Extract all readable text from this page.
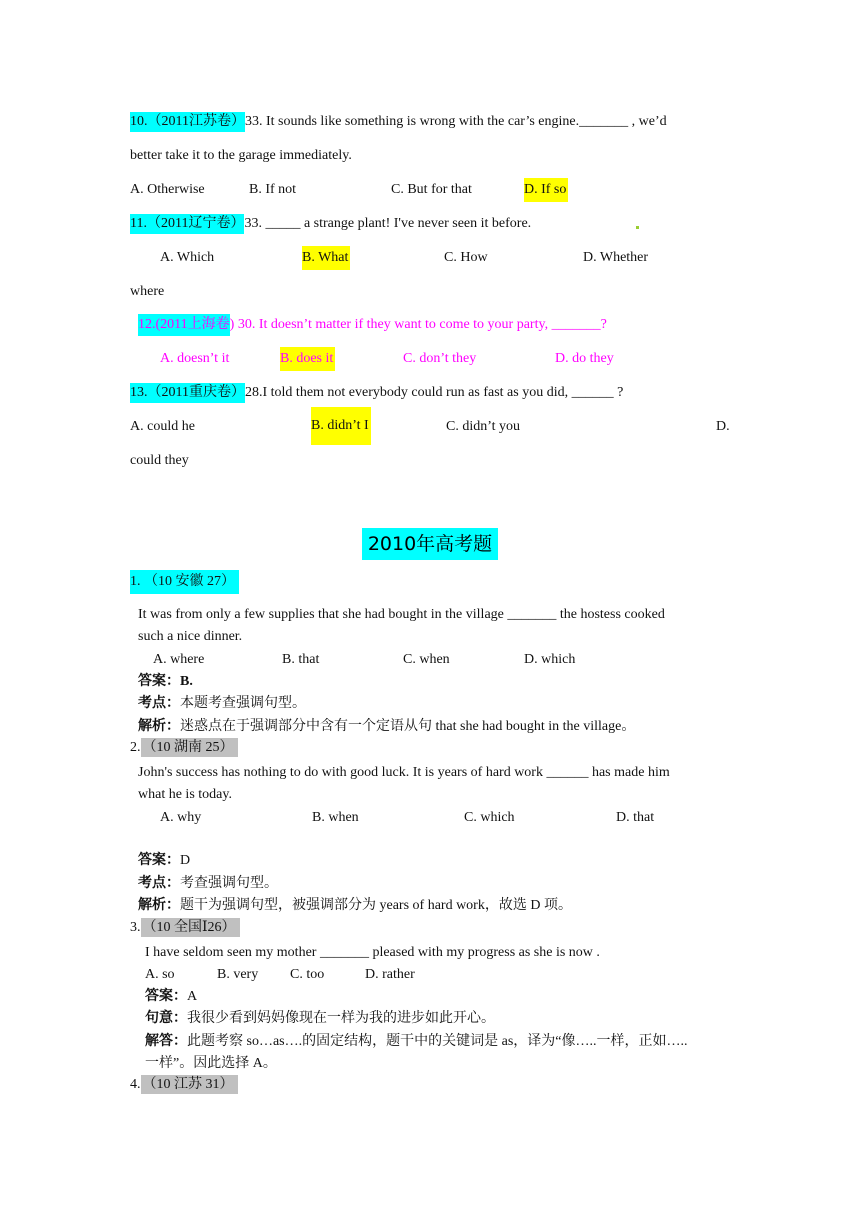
10.（2011江苏卷）33. It sounds like something is wrong with the car’s engine._______ , we’d
better take it to the garage immediately.
A. Otherwise	B. If not	C. But for that	D. If so
11.（2011辽宁卷）33. _____ a strange plant! I've never seen it before.
A. Which	B. What	C. How	D. Whether
where
12.(2011上海卷) 30. It doesn’t matter if they want to come to your party, _______?
A. doesn’t it	B. does it	C. don’t they	D. do they
13.（2011重庆卷）28.I told them not everybody could run as fast as you did, ______ ?
A. could he	B. didn’t I	C. didn’t you	D.
could they
2010年高考题
1. （10 安徽 27）
It was from only a few supplies that she had bought in the village _______ the hostess cooked
such a nice dinner.
A. where	B. that	C. when	D. which
答案：B.
考点：本题考查强调句型。
解析：迷惑点在于强调部分中含有一个定语从句 that she had bought in the village。
2. （10 湖南 25）
John's success has nothing to do with good luck. It is years of hard work ______ has made him
what he is today.
A. why	B. when	C. which	D. that
答案：D
考点：考查强调句型。
解析：题干为强调句型，被强调部分为 years of hard work，故选 D 项。
3. （10 全国Ⅰ26）
I have seldom seen my mother _______ pleased with my progress as she is now .
A. so	B. very C. too	D. rather
答案：A
句意：我很少看到妈妈像现在一样为我的进步如此开心。
解答：此题考察 so…as….的固定结构，题干中的关键词是 as，译为“像…..一样，正如…..
一样”。因此选择 A。
4. （10 江苏 31）
